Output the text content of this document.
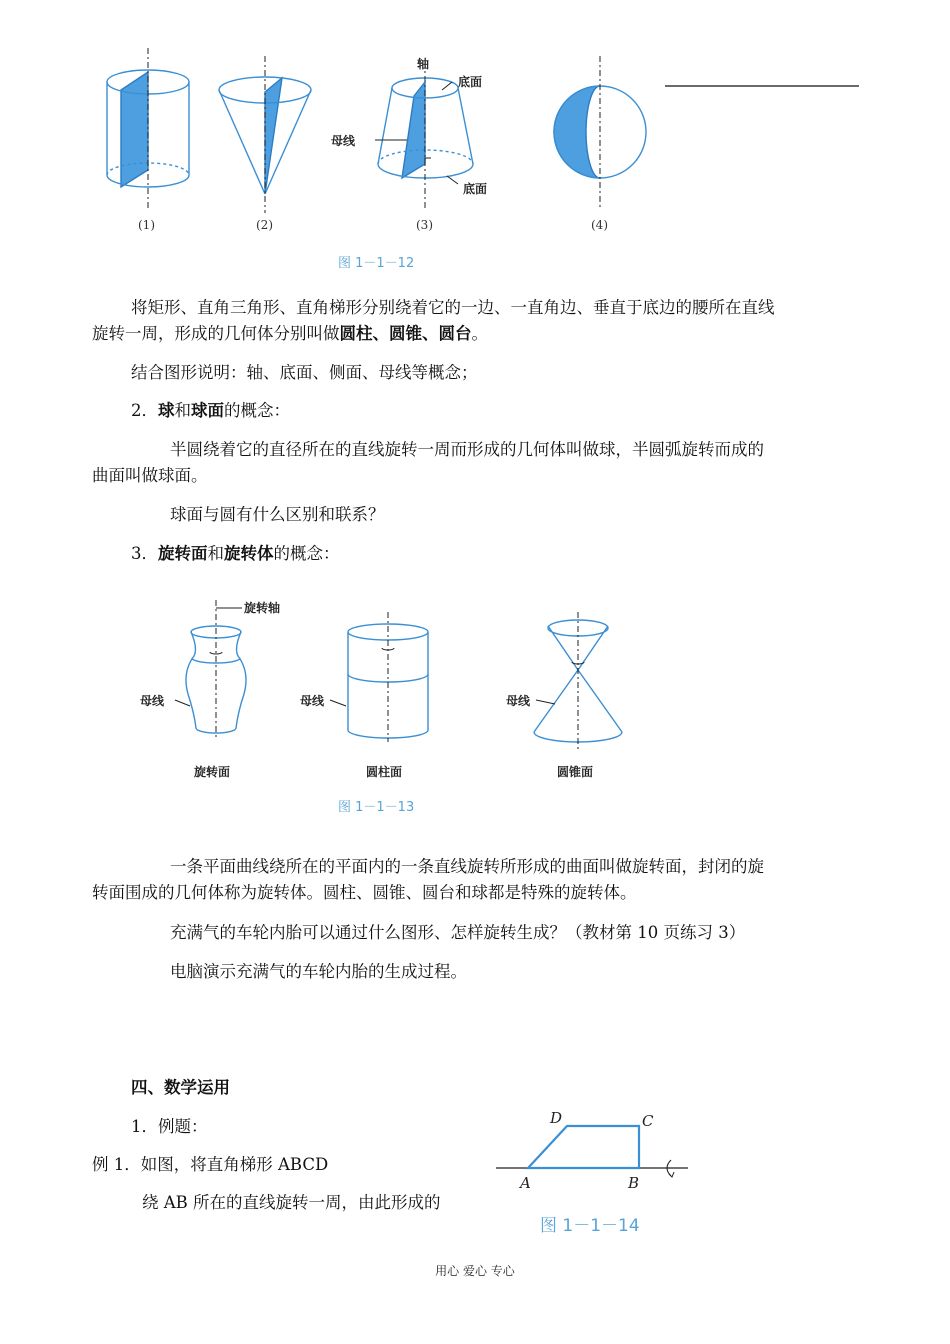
轴
底面
母线
底面
(1)	(2)	(3)	(4)
图 1－1－12
将矩形、直角三角形、直角梯形分别绕着它的一边、一直角边、垂直于底边的腰所在直线
旋转一周，形成的几何体分别叫做圆柱、圆锥、圆台。
结合图形说明：轴、底面、侧面、母线等概念；
2．球和球面的概念：
半圆绕着它的直径所在的直线旋转一周而形成的几何体叫做球，半圆弧旋转而成的
曲面叫做球面。
球面与圆有什么区别和联系？
3．旋转面和旋转体的概念：
旋转轴
母线	母线	母线
旋转面	圆柱面	圆锥面
图 1－1－13
一条平面曲线绕所在的平面内的一条直线旋转所形成的曲面叫做旋转面，封闭的旋
转面围成的几何体称为旋转体。圆柱、圆锥、圆台和球都是特殊的旋转体。
充满气的车轮内胎可以通过什么图形、怎样旋转生成？（教材第 10 页练习 3）
电脑演示充满气的车轮内胎的生成过程。
四、数学运用
1．例题：
例 1．如图，将直角梯形 ABCD
绕 AB 所在的直线旋转一周，由此形成的
D	C
A	B
图 1－1－14
用心 爱心 专心
